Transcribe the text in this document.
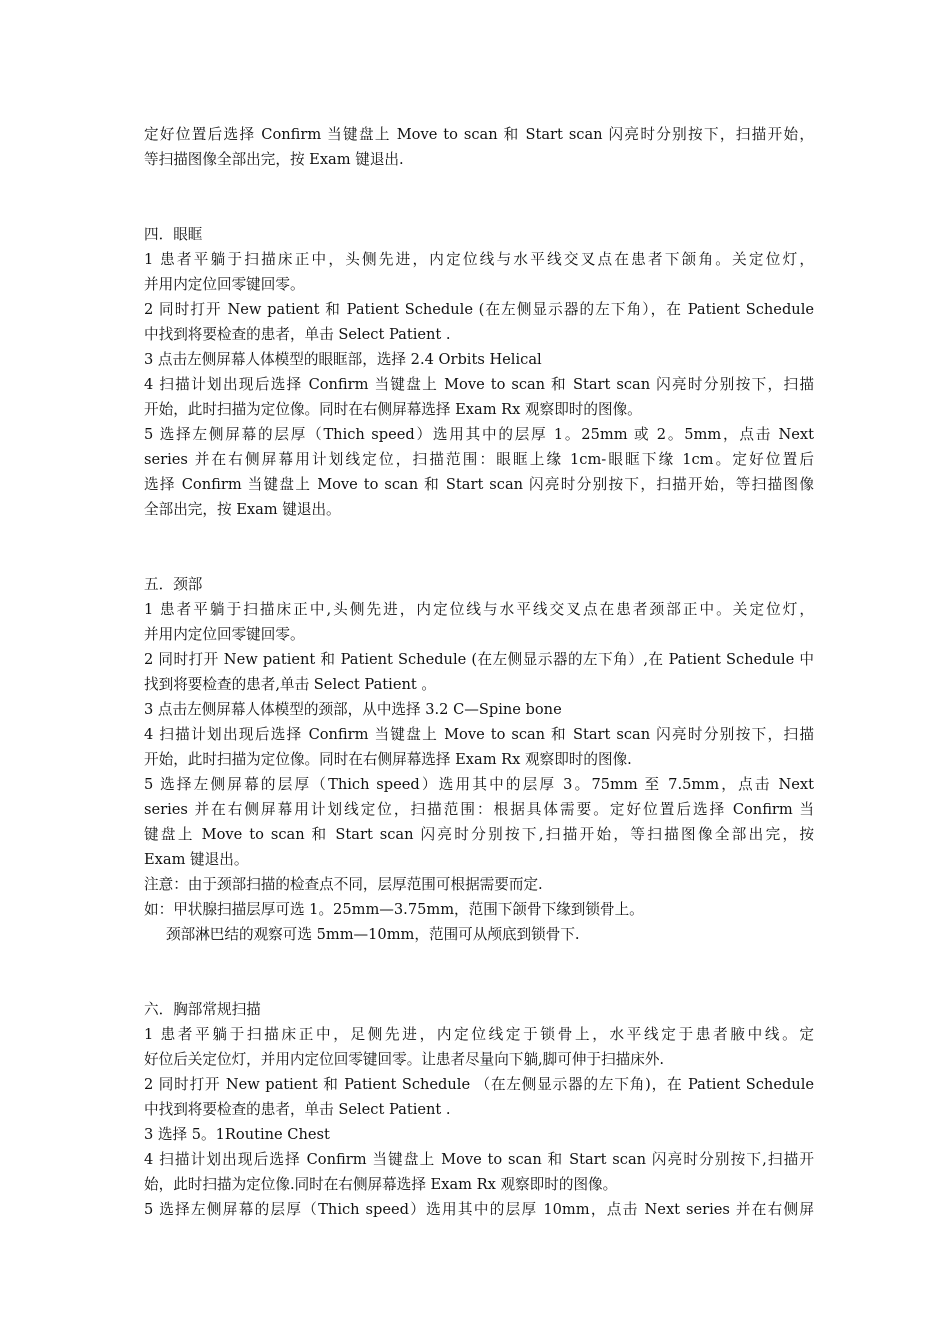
定好位置后选择 Confirm 当键盘上 Move to scan 和 Start scan 闪亮时分别按下，扫描开始，
等扫描图像全部出完，按 Exam 键退出.
四．眼眶
1 患者平躺于扫描床正中，头侧先进，内定位线与水平线交叉点在患者下颌角。关定位灯，
并用内定位回零键回零。
2 同时打开 New patient 和 Patient Schedule (在左侧显示器的左下角），在 Patient Schedule
中找到将要检查的患者，单击 Select Patient .
3 点击左侧屏幕人体模型的眼眶部，选择 2.4 Orbits Helical
4 扫描计划出现后选择 Confirm 当键盘上 Move to scan 和 Start scan 闪亮时分别按下，扫描
开始，此时扫描为定位像。同时在右侧屏幕选择 Exam Rx 观察即时的图像。
5 选择左侧屏幕的层厚（Thich speed）选用其中的层厚 1。25mm 或 2。5mm，点击 Next
series 并在右侧屏幕用计划线定位，扫描范围：眼眶上缘 1cm-眼眶下缘 1cm。定好位置后
选择 Confirm 当键盘上 Move to scan 和 Start scan 闪亮时分别按下，扫描开始，等扫描图像
全部出完，按 Exam 键退出。
五．颈部
1 患者平躺于扫描床正中,头侧先进，内定位线与水平线交叉点在患者颈部正中。关定位灯，
并用内定位回零键回零。
2 同时打开 New patient 和 Patient Schedule (在左侧显示器的左下角）,在 Patient Schedule 中
找到将要检查的患者,单击 Select Patient 。
3 点击左侧屏幕人体模型的颈部，从中选择 3.2 C—Spine bone
4 扫描计划出现后选择 Confirm 当键盘上 Move to scan 和 Start scan 闪亮时分别按下，扫描
开始，此时扫描为定位像。同时在右侧屏幕选择 Exam Rx 观察即时的图像.
5 选择左侧屏幕的层厚（Thich speed）选用其中的层厚 3。75mm 至 7.5mm，点击 Next
series 并在右侧屏幕用计划线定位，扫描范围：根据具体需要。定好位置后选择 Confirm 当
键盘上 Move to scan 和 Start scan 闪亮时分别按下,扫描开始，等扫描图像全部出完，按
Exam 键退出。
注意：由于颈部扫描的检查点不同，层厚范围可根据需要而定.
如：甲状腺扫描层厚可选 1。25mm—3.75mm，范围下颌骨下缘到锁骨上。
颈部淋巴结的观察可选 5mm—10mm，范围可从颅底到锁骨下.
六．胸部常规扫描
1 患者平躺于扫描床正中，足侧先进，内定位线定于锁骨上，水平线定于患者腋中线。定
好位后关定位灯，并用内定位回零键回零。让患者尽量向下躺,脚可伸于扫描床外.
2 同时打开 New patient 和 Patient Schedule （在左侧显示器的左下角)，在 Patient Schedule
中找到将要检查的患者，单击 Select Patient .
3 选择 5。1Routine Chest
4 扫描计划出现后选择 Confirm 当键盘上 Move to scan 和 Start scan 闪亮时分别按下,扫描开
始，此时扫描为定位像.同时在右侧屏幕选择 Exam Rx 观察即时的图像。
5 选择左侧屏幕的层厚（Thich speed）选用其中的层厚 10mm，点击 Next series 并在右侧屏
